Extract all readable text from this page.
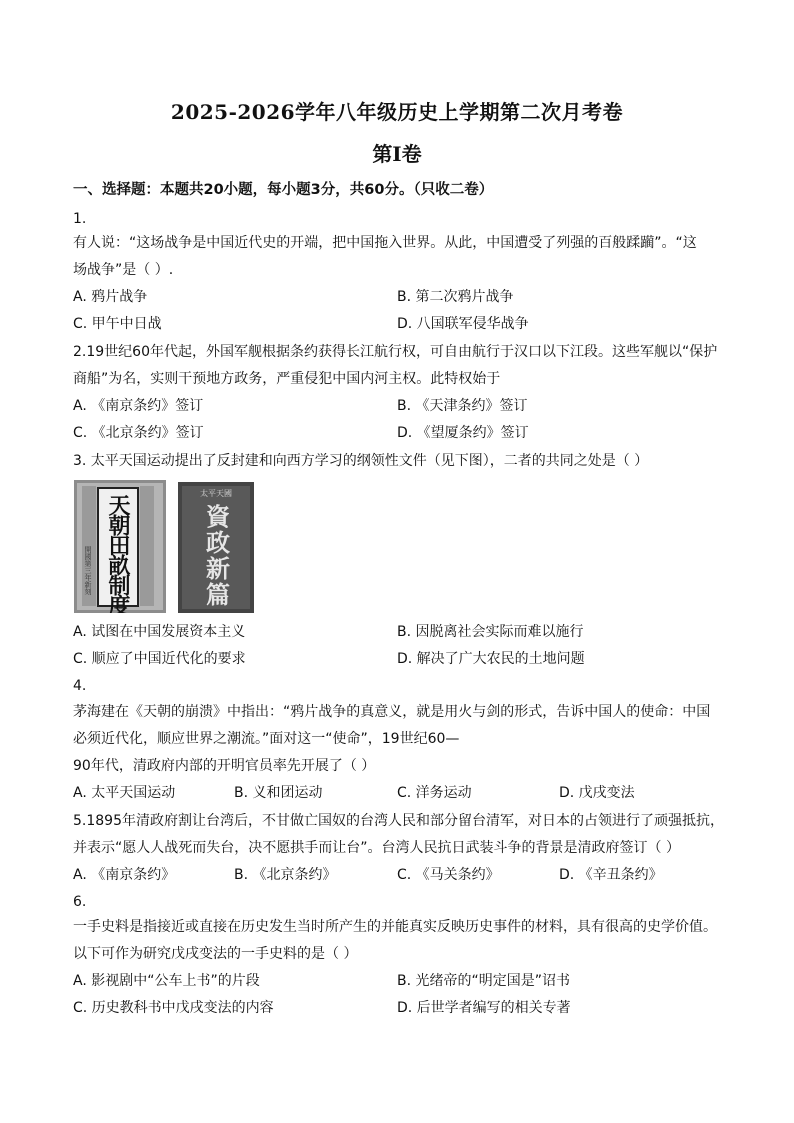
2025-2026学年八年级历史上学期第二次月考卷
第Ⅰ卷
一、选择题：本题共20小题，每小题3分，共60分。（只收二卷）
1.
有人说：“这场战争是中国近代史的开端，把中国拖入世界。从此，中国遭受了列强的百般蹂躏”。“这
场战争”是（ ）.
A. 鸦片战争	B. 第二次鸦片战争
C. 甲午中日战	D. 八国联军侵华战争
2.19世纪60年代起，外国军舰根据条约获得长江航行权，可自由航行于汉口以下江段。这些军舰以“保护
商船”为名，实则干预地方政务，严重侵犯中国内河主权。此特权始于
A. 《南京条约》签订	B. 《天津条约》签订
C. 《北京条约》签订	D. 《望厦条约》签订
3. 太平天国运动提出了反封建和向西方学习的纲领性文件（见下图），二者的共同之处是（ ）
開國第三年新刻 天朝田畝制度
太平天國
資政新篇
A. 试图在中国发展资本主义	B. 因脱离社会实际而难以施行
C. 顺应了中国近代化的要求	D. 解决了广大农民的土地问题
4.
茅海建在《天朝的崩溃》中指出：“鸦片战争的真意义，就是用火与剑的形式，告诉中国人的使命：中国
必须近代化，顺应世界之潮流。”面对这一“使命”，19世纪60—
90年代，清政府内部的开明官员率先开展了（ ）
A. 太平天国运动	B. 义和团运动	C. 洋务运动	D. 戊戌变法
5.1895年清政府割让台湾后，不甘做亡国奴的台湾人民和部分留台清军，对日本的占领进行了顽强抵抗，
并表示“愿人人战死而失台，决不愿拱手而让台”。台湾人民抗日武装斗争的背景是清政府签订（ ）
A. 《南京条约》	B. 《北京条约》	C. 《马关条约》	D. 《辛丑条约》
6.
一手史料是指接近或直接在历史发生当时所产生的并能真实反映历史事件的材料，具有很高的史学价值。
以下可作为研究戊戌变法的一手史料的是（ ）
A. 影视剧中“公车上书”的片段	B. 光绪帝的“明定国是”诏书
C. 历史教科书中戊戌变法的内容	D. 后世学者编写的相关专著
